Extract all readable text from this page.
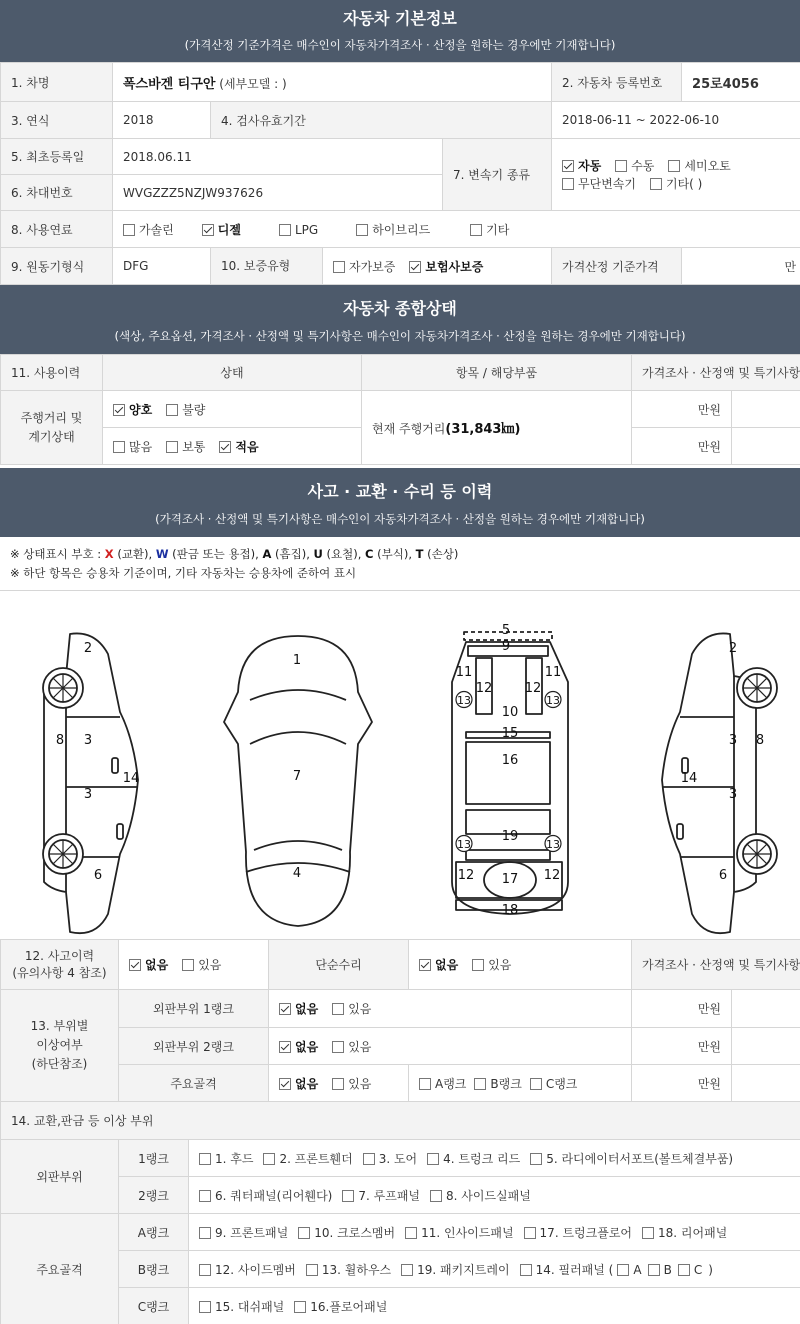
자동차 기본정보
(가격산정 기준가격은 매수인이 자동차가격조사 · 산정을 원하는 경우에만 기재합니다)
1. 차명	폭스바겐 티구안 (세부모델 : )			2. 자동차 등록번호	25로4056
3. 연식	2018	4. 검사유효기간		2018-06-11 ~ 2022-06-10	
5. 최초등록일	2018.06.11		7. 변속기 종류	자동 수동 세미오토
무단변속기 기타( )	
6. 차대번호	WVGZZZ5NZJW937626				
8. 사용연료	가솔린 디젤 LPG 하이브리드 기타				
9. 원동기형식	DFG	10. 보증유형 자가보증 보험사보증		가격산정 기준가격	만
자동차 종합상태
(색상, 주요옵션, 가격조사 · 산정액 및 특기사항은 매수인이 자동차가격조사 · 산정을 원하는 경우에만 기재합니다)
11. 사용이력	상태	항목 / 해당부품	가격조사 · 산정액 및 특기사항	
주행거리 및 계기상태	양호 불량	현재 주행거리(31,843㎞)	만원	
	많음 보통 적음		만원	
사고 · 교환 · 수리 등 이력
(가격조사 · 산정액 및 특기사항은 매수인이 자동차가격조사 · 산정을 원하는 경우에만 기재합니다)
※ 상태표시 부호 : X (교환), W (판금 또는 용접), A (흠집), U (요철), C (부식), T (손상)
※ 하단 항목은 승용차 기준이며, 기타 자동차는 승용차에 준하여 표시
1
2
3
3
4
5
6
7
8
9
10
11
12
13
14
15
16
17
18
19
13
12
2
3
3
6
8
14
11
12
13
13
12
12. 사고이력
(유의사항 4 참조)	없음 있음	단순수리	없음 있음	가격조사 · 산정액 및 특기사항	

13. 부위별
이상여부
(하단참조)	외판부위 1랭크	없음 있음		만원	
	외판부위 2랭크	없음 있음		만원	
	주요골격	없음 있음	A랭크 B랭크 C랭크	만원	
14. 교환,판금 등 이상 부위		
외판부위	1랭크	1. 후드 2. 프론트휀더 3. 도어 4. 트렁크 리드 5. 라디에이터서포트(볼트체결부품)
	2랭크	6. 쿼터패널(리어휀다) 7. 루프패널 8. 사이드실패널
주요골격	A랭크	9. 프론트패널 10. 크로스멤버 11. 인사이드패널 17. 트렁크플로어 18. 리어패널
	B랭크	12. 사이드멤버 13. 휠하우스 19. 패키지트레이 14. 필러패널 ( A B C )
	C랭크	15. 대쉬패널 16.플로어패널
